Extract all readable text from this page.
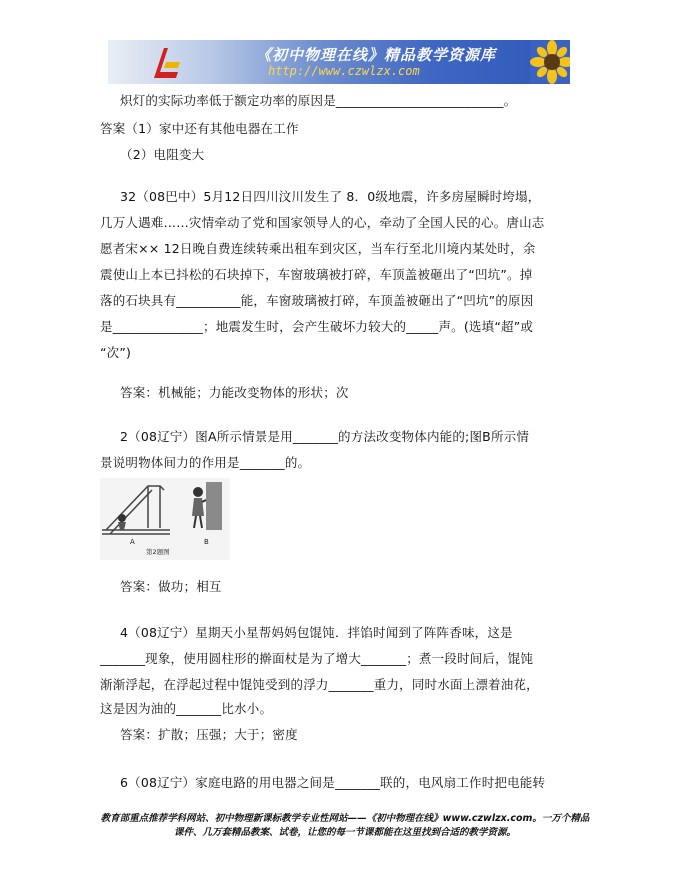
《初中物理在线》精品教学资源库
http://www.czwlzx.com
炽灯的实际功率低于额定功率的原因是__________________________。
答案（1）家中还有其他电器在工作
（2）电阻变大
32（08巴中）5月12日四川汶川发生了 8．0级地震，许多房屋瞬时垮塌，
几万人遇难……灾情牵动了党和国家领导人的心，牵动了全国人民的心。唐山志
愿者宋×× 12日晚自费连续转乘出租车到灾区，当车行至北川境内某处时，余
震使山上本已抖松的石块掉下，车窗玻璃被打碎，车顶盖被砸出了“凹坑”。掉
落的石块具有__________能，车窗玻璃被打碎，车顶盖被砸出了“凹坑”的原因
是______________；地震发生时，会产生破坏力较大的_____声。(选填“超”或
“次”)
答案：机械能；力能改变物体的形状；次
2（08辽宁）图A所示情景是用_______的方法改变物体内能的;图B所示情
景说明物体间力的作用是_______的。
A	B
第2题图
答案：做功；相互
4（08辽宁）星期天小星帮妈妈包馄饨．拌馅时闻到了阵阵香味，这是
_______现象，使用圆柱形的擀面杖是为了增大_______；煮一段时间后，馄饨
渐渐浮起，在浮起过程中馄饨受到的浮力_______重力，同时水面上漂着油花，
这是因为油的_______比水小。
答案：扩散；压强；大于；密度
6（08辽宁）家庭电路的用电器之间是_______联的，电风扇工作时把电能转
教育部重点推荐学科网站、初中物理新课标教学专业性网站——《初中物理在线》www.czwlzx.com。一万个精品
课件、几万套精品教案、试卷，让您的每一节课都能在这里找到合适的教学资源。
